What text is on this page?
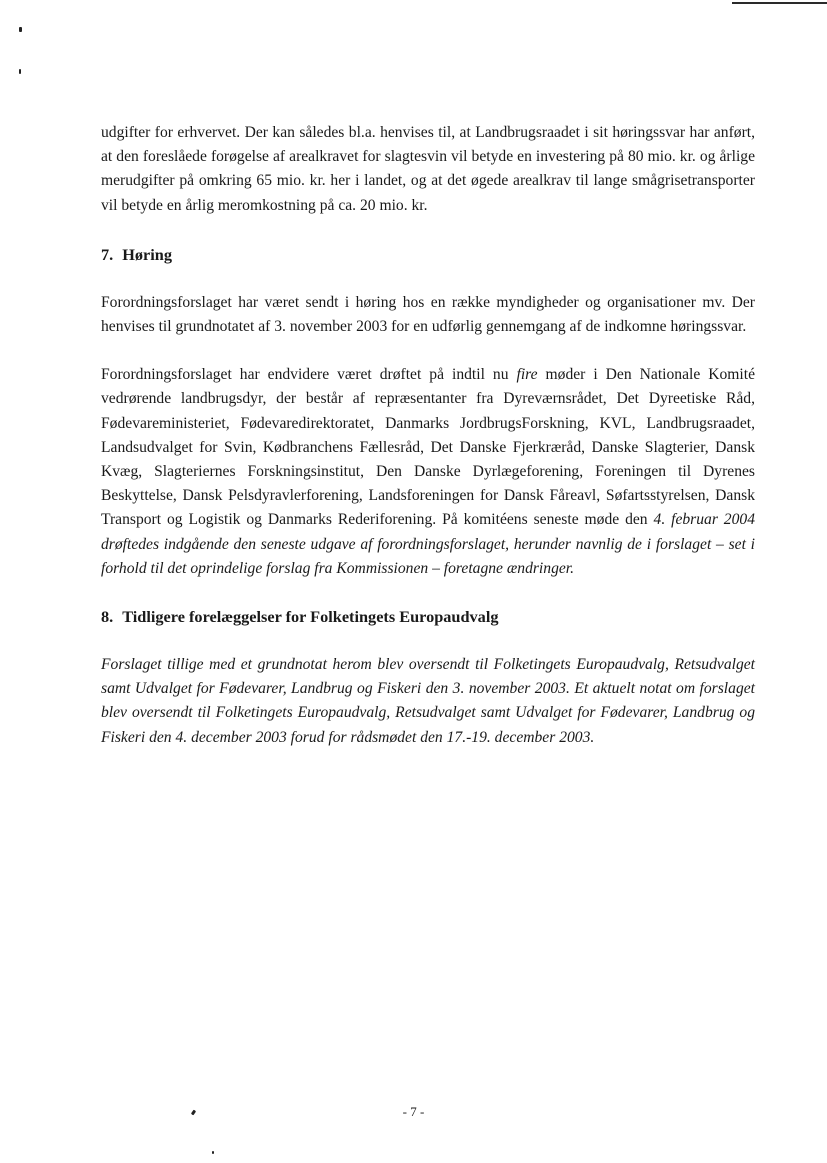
udgifter for erhvervet. Der kan således bl.a. henvises til, at Landbrugsraadet i sit høringssvar har anført, at den foreslåede forøgelse af arealkravet for slagtesvin vil betyde en investering på 80 mio. kr. og årlige merudgifter på omkring 65 mio. kr. her i landet, og at det øgede arealkrav til lange smågrisetransporter vil betyde en årlig meromkostning på ca. 20 mio. kr.

7. Høring

Forordningsforslaget har været sendt i høring hos en række myndigheder og organisationer mv. Der henvises til grundnotatet af 3. november 2003 for en udførlig gennemgang af de indkomne høringssvar.

Forordningsforslaget har endvidere været drøftet på indtil nu fire møder i Den Nationale Komité vedrørende landbrugsdyr, der består af repræsentanter fra Dyreværnsrådet, Det Dyreetiske Råd, Fødevareministeriet, Fødevaredirektoratet, Danmarks JordbrugsForskning, KVL, Landbrugsraadet, Landsudvalget for Svin, Kødbranchens Fællesråd, Det Danske Fjerkræråd, Danske Slagterier, Dansk Kvæg, Slagteriernes Forskningsinstitut, Den Danske Dyrlægeforening, Foreningen til Dyrenes Beskyttelse, Dansk Pelsdyravlerforening, Landsforeningen for Dansk Fåreavl, Søfartsstyrelsen, Dansk Transport og Logistik og Danmarks Rederiforening. På komitéens seneste møde den 4. februar 2004 drøftedes indgående den seneste udgave af forordningsforslaget, herunder navnlig de i forslaget – set i forhold til det oprindelige forslag fra Kommissionen – foretagne ændringer.

8. Tidligere forelæggelser for Folketingets Europaudvalg

Forslaget tillige med et grundnotat herom blev oversendt til Folketingets Europaudvalg, Retsudvalget samt Udvalget for Fødevarer, Landbrug og Fiskeri den 3. november 2003. Et aktuelt notat om forslaget blev oversendt til Folketingets Europaudvalg, Retsudvalget samt Udvalget for Fødevarer, Landbrug og Fiskeri den 4. december 2003 forud for rådsmødet den 17.-19. december 2003.

- 7 -
